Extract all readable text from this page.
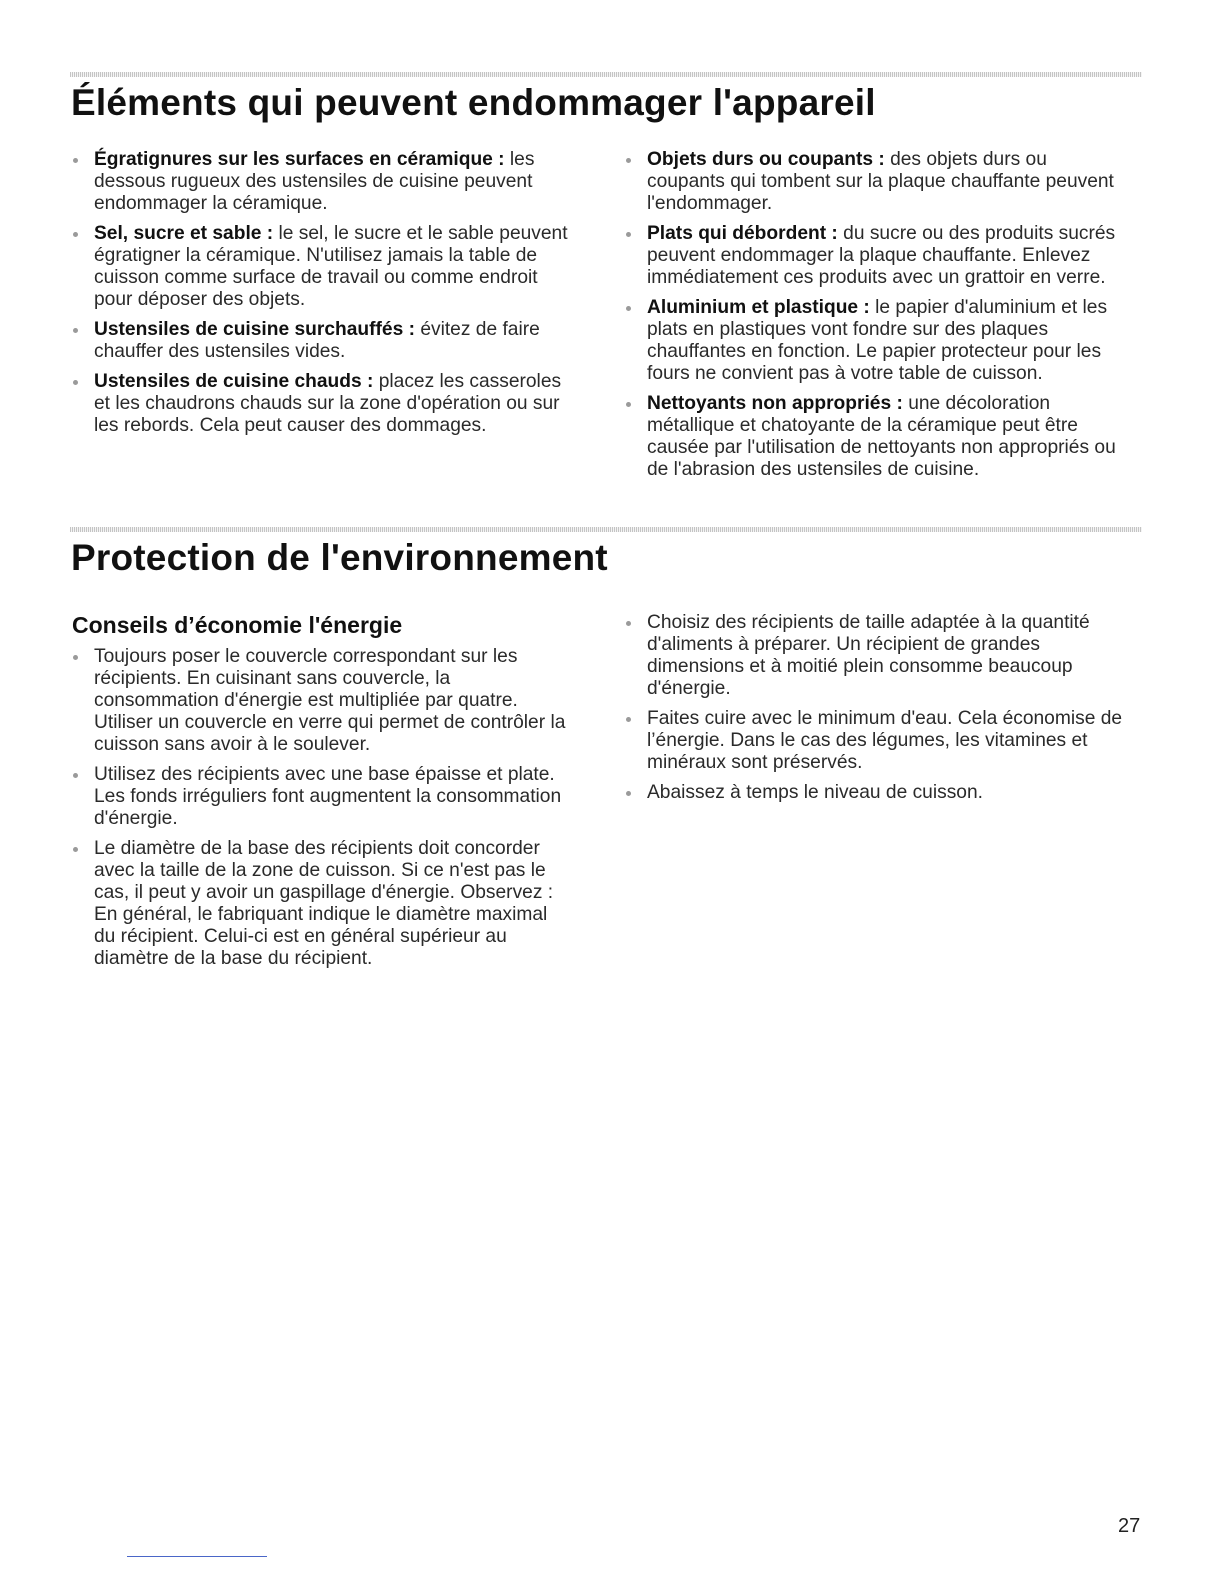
Éléments qui peuvent endommager l'appareil
Égratignures sur les surfaces en céramique : les dessous rugueux des ustensiles de cuisine peuvent endommager la céramique.
Sel, sucre et sable : le sel, le sucre et le sable peuvent égratigner la céramique. N'utilisez jamais la table de cuisson comme surface de travail ou comme endroit pour déposer des objets.
Ustensiles de cuisine surchauffés : évitez de faire chauffer des ustensiles vides.
Ustensiles de cuisine chauds : placez les casseroles et les chaudrons chauds sur la zone d'opération ou sur les rebords. Cela peut causer des dommages.
Objets durs ou coupants : des objets durs ou coupants qui tombent sur la plaque chauffante peuvent l'endommager.
Plats qui débordent : du sucre ou des produits sucrés peuvent endommager la plaque chauffante. Enlevez immédiatement ces produits avec un grattoir en verre.
Aluminium et plastique : le papier d'aluminium et les plats en plastiques vont fondre sur des plaques chauffantes en fonction. Le papier protecteur pour les fours ne convient pas à votre table de cuisson.
Nettoyants non appropriés : une décoloration métallique et chatoyante de la céramique peut être causée par l'utilisation de nettoyants non appropriés ou de l'abrasion des ustensiles de cuisine.
Protection de l'environnement
Conseils d’économie l'énergie
Toujours poser le couvercle correspondant sur les récipients. En cuisinant sans couvercle, la consommation d'énergie est multipliée par quatre. Utiliser un couvercle en verre qui permet de contrôler la cuisson sans avoir à le soulever.
Utilisez des récipients avec une base épaisse et plate. Les fonds irréguliers font augmentent la consommation d'énergie.
Le diamètre de la base des récipients doit concorder avec la taille de la zone de cuisson. Si ce n'est pas le cas, il peut y avoir un gaspillage d'énergie. Observez : En général, le fabriquant indique le diamètre maximal du récipient. Celui-ci est en général supérieur au diamètre de la base du récipient.
Choisiz des récipients de taille adaptée à la quantité d'aliments à préparer. Un récipient de grandes dimensions et à moitié plein consomme beaucoup d'énergie.
Faites cuire avec le minimum d'eau. Cela économise de l’énergie. Dans le cas des légumes, les vitamines et minéraux sont préservés.
Abaissez à temps le niveau de cuisson.
27
